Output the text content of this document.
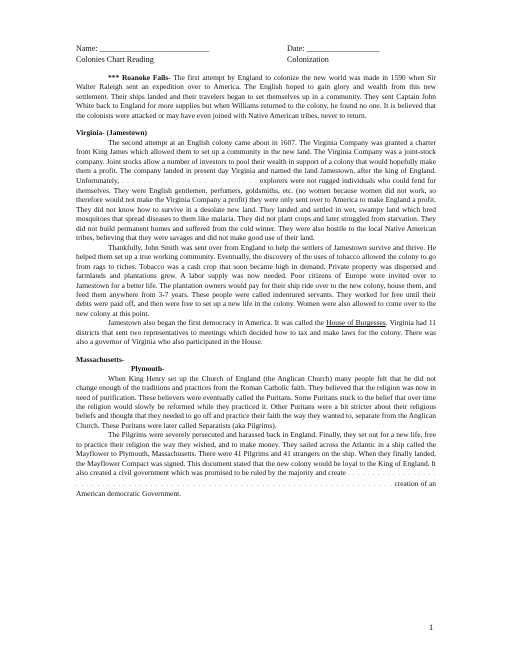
Name: ___________________________	Date: __________________
Colonies Chart Reading	Colonization

*** Roanoke Fails- The first attempt by England to colonize the new world was made in 1590 when Sir Walter Raleigh sent an expedition over to America. The English hoped to gain glory and wealth from this new settlement. Their ships landed and their travelers began to set themselves up in a community. They sent Captain John White back to England for more supplies but when Williams returned to the colony, he found no one. It is believed that the colonists were attacked or may have even joined with Native American tribes, never to return.

Virginia- (Jamestown)

The second attempt at an English colony came about in 1607. The Virginia Company was granted a charter from King James which allowed them to set up a community in the new land. The Virginia Company was a joint-stock company. Joint stocks allow a number of investors to pool their wealth in support of a colony that would hopefully make them a profit. The company landed in present day Virginia and named the land Jamestown, after the king of England. Unfortunately, . . . . . . . . . . . . . . . . . . . . . . . . . explorers were not rugged individuals who could fend for themselves. They were English gentlemen, perfumers, goldsmiths, etc. (no women because women did not work, so therefore would not make the Virginia Company a profit) they were only sent over to America to make England a profit. They did not know how to survive in a desolate new land. They landed and settled in wet, swampy land which bred mosquitoes that spread diseases to them like malaria. They did not plant crops and later struggled from starvation. They did not build permanent homes and suffered from the cold winter. They were also hostile to the local Native American tribes, believing that they were savages and did not make good use of their land.

Thankfully, John Smith was sent over from England to help the settlers of Jamestown survive and thrive. He helped them set up a true working community. Eventually, the discovery of the uses of tobacco allowed the colony to go from rags to riches. Tobacco was a cash crop that soon became high in demand. Private property was dispersed and farmlands and plantations grew. A labor supply was now needed. Poor citizens of Europe were invited over to Jamestown for a better life. The plantation owners would pay for their ship ride over to the new colony, house them, and feed them anywhere from 3-7 years. These people were called indentured servants. They worked for free until their debts were paid off, and then were free to set up a new life in the colony. Women were also allowed to come over to the new colony at this point.

Jamestown also began the first democracy in America. It was called the House of Burgesses. Virginia had 11 districts that sent two representatives to meetings which decided how to tax and make laws for the colony. There was also a governor of Virginia who also participated in the House.

Massachusetts-

Plymouth-

When King Henry set up the Church of England (the Anglican Church) many people felt that he did not change enough of the traditions and practices from the Roman Catholic faith. They believed that the religion was now in need of purification. These believers were eventually called the Puritans. Some Puritans stuck to the belief that over time the religion would slowly be reformed while they practiced it. Other Puritans were a bit stricter about their religious beliefs and thought that they needed to go off and practice their faith the way they wanted to, separate from the Anglican Church. These Puritans were later called Separatists (aka Pilgrims).

The Pilgrims were severely persecuted and harassed back in England. Finally, they set out for a new life, free to practice their religion the way they wished, and to make money. They sailed across the Atlantic in a ship called the Mayflower to Plymouth, Massachusetts. There were 41 Pilgrims and 41 strangers on the ship. When they finally landed, the Mayflower Compact was signed. This document stated that the new colony would be loyal to the King of England. It also created a civil government which was promised to be ruled by the majority and create . . . . . . . . . . . . . . . . . . . . . . . . . . . . . . . . . . . . . . . . . . . . . . . . . . . . . . . . . . . . . . . . . . . . . . . . . . . . . . creation of an American democratic Government.

1
